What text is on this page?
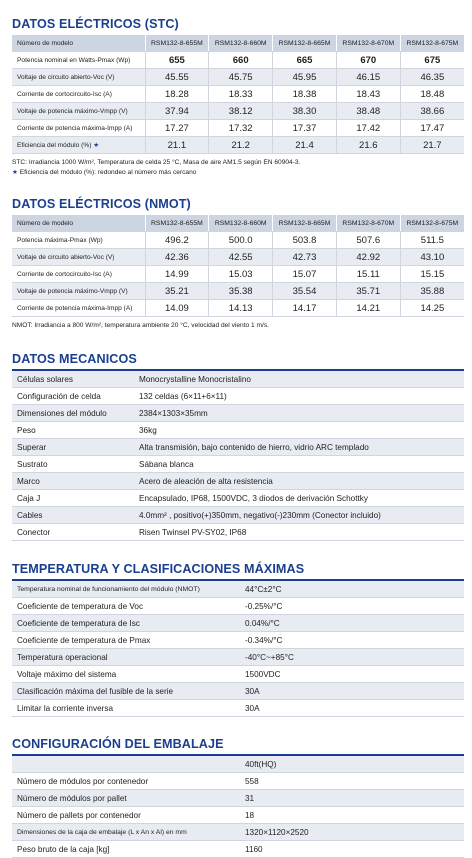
DATOS ELÉCTRICOS (STC)
Número de modelo	RSM132-8-655M	RSM132-8-660M	RSM132-8-665M	RSM132-8-670M	RSM132-8-675M
Potencia nominal en Watts-Pmax (Wp)	655	660	665	670	675
Voltaje de circuito abierto-Voc (V)	45.55	45.75	45.95	46.15	46.35
Corriente de cortocircuito-Isc (A)	18.28	18.33	18.38	18.43	18.48
Voltaje de potencia máximo-Vmpp (V)	37.94	38.12	38.30	38.48	38.66
Corriente de potencia máxima-Impp (A)	17.27	17.32	17.37	17.42	17.47
Eficiencia del módulo (%) ★	21.1	21.2	21.4	21.6	21.7
STC: Irradiancia 1000 W/m², Temperatura de celda 25 °C, Masa de aire AM1.5 según EN 60904-3.
★ Eficiencia del módulo (%): redondeo al número más cercano
DATOS ELÉCTRICOS (NMOT)
Número de modelo	RSM132-8-655M	RSM132-8-660M	RSM132-8-665M	RSM132-8-670M	RSM132-8-675M
Potencia máxima-Pmax (Wp)	496.2	500.0	503.8	507.6	511.5
Voltaje de circuito abierto-Voc (V)	42.36	42.55	42.73	42.92	43.10
Corriente de cortocircuito-Isc (A)	14.99	15.03	15.07	15.11	15.15
Voltaje de potencia máximo-Vmpp (V)	35.21	35.38	35.54	35.71	35.88
Corriente de potencia máxima-Impp (A)	14.09	14.13	14.17	14.21	14.25
NMOT: Irradiancia a 800 W/m², temperatura ambiente 20 °C, velocidad del viento 1 m/s.
DATOS MECANICOS
Células solares	Monocrystalline Monocristalino
Configuración de celda	132 celdas (6×11+6×11)
Dimensiones del módulo	2384×1303×35mm
Peso	36kg
Superar	Alta transmisión, bajo contenido de hierro, vidrio ARC templado
Sustrato	Sábana blanca
Marco	Acero de aleación de alta resistencia
Caja J	Encapsulado, IP68, 1500VDC, 3 diodos de derivación Schottky
Cables	4.0mm² , positivo(+)350mm, negativo(-)230mm (Conector incluido)
Conector	Risen Twinsel PV-SY02, IP68
TEMPERATURA Y CLASIFICACIONES MÁXIMAS
Temperatura nominal de funcionamiento del módulo (NMOT)	44°C±2°C
Coeficiente de temperatura de Voc	-0.25%/°C
Coeficiente de temperatura de Isc	0.04%/°C
Coeficiente de temperatura de Pmax	-0.34%/°C
Temperatura operacional	-40°C~+85°C
Voltaje máximo del sistema	1500VDC
Clasificación máxima del fusible de la serie	30A
Limitar la corriente inversa	30A
CONFIGURACIÓN DEL EMBALAJE
	40ft(HQ)
Número de módulos por contenedor	558
Número de módulos por pallet	31
Número de pallets por contenedor	18
Dimensiones de la caja de embalaje (L x An x Al) en mm	1320×1120×2520
Peso bruto de la caja [kg]	1160
